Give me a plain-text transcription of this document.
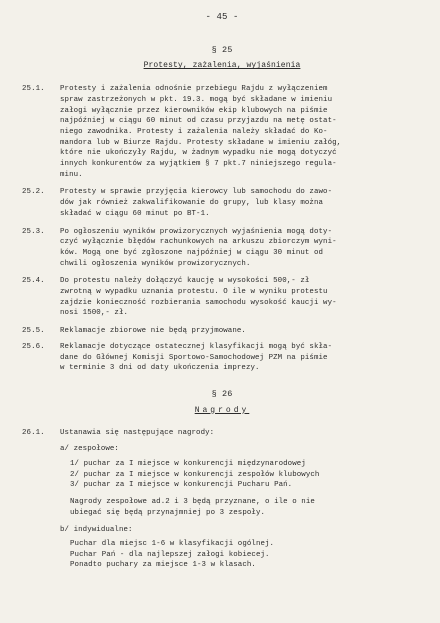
- 45 -
§ 25
Protesty, zażalenia, wyjaśnienia
25.1.	Protesty i zażalenia odnośnie przebiegu Rajdu z wyłączeniem
spraw zastrzeżonych w pkt. 19.3. mogą być składane w imieniu
załogi wyłącznie przez kierowników ekip klubowych na piśmie
najpóźniej w ciągu 60 minut od czasu przyjazdu na metę ostat-
niego zawodnika. Protesty i zażalenia należy składać do Ko-
mandora lub w Biurze Rajdu. Protesty składane w imieniu załóg,
które nie ukończyły Rajdu, w żadnym wypadku nie mogą dotyczyć
innych konkurentów za wyjątkiem § 7 pkt.7 niniejszego regula-
minu.
25.2.	Protesty w sprawie przyjęcia kierowcy lub samochodu do zawo-
dów jak również zakwalifikowanie do grupy, lub klasy można
składać w ciągu 60 minut po BT-1.
25.3.	Po ogłoszeniu wyników prowizorycznych wyjaśnienia mogą doty-
czyć wyłącznie błędów rachunkowych na arkuszu zbiorczym wyni-
ków. Mogą one być zgłoszone najpóźniej w ciągu 30 minut od
chwili ogłoszenia wyników prowizorycznych.
25.4.	Do protestu należy dołączyć kaucję w wysokości 500,- zł
zwrotną w wypadku uznania protestu. O ile w wyniku protestu
zajdzie konieczność rozbierania samochodu wysokość kaucji wy-
nosi 1500,- zł.
25.5.	Reklamacje zbiorowe nie będą przyjmowane.
25.6.	Reklamacje dotyczące ostatecznej klasyfikacji mogą być skła-
dane do Głównej Komisji Sportowo-Samochodowej PZM na piśmie
w terminie 3 dni od daty ukończenia imprezy.
§ 26
Nagrody
26.1.	Ustanawia się następujące nagrody:
a/ zespołowe:
1/ puchar za I miejsce w konkurencji międzynarodowej
2/ puchar za I miejsce w konkurencji zespołów klubowych
3/ puchar za I miejsce w konkurencji Pucharu Pań.
Nagrody zespołowe ad.2 i 3 będą przyznane, o ile o nie
ubiegać się będą przynajmniej po 3 zespoły.
b/ indywidualne:
Puchar dla miejsc 1-6 w klasyfikacji ogólnej.
Puchar Pań - dla najlepszej załogi kobiecej.
Ponadto puchary za miejsce 1-3 w klasach.
